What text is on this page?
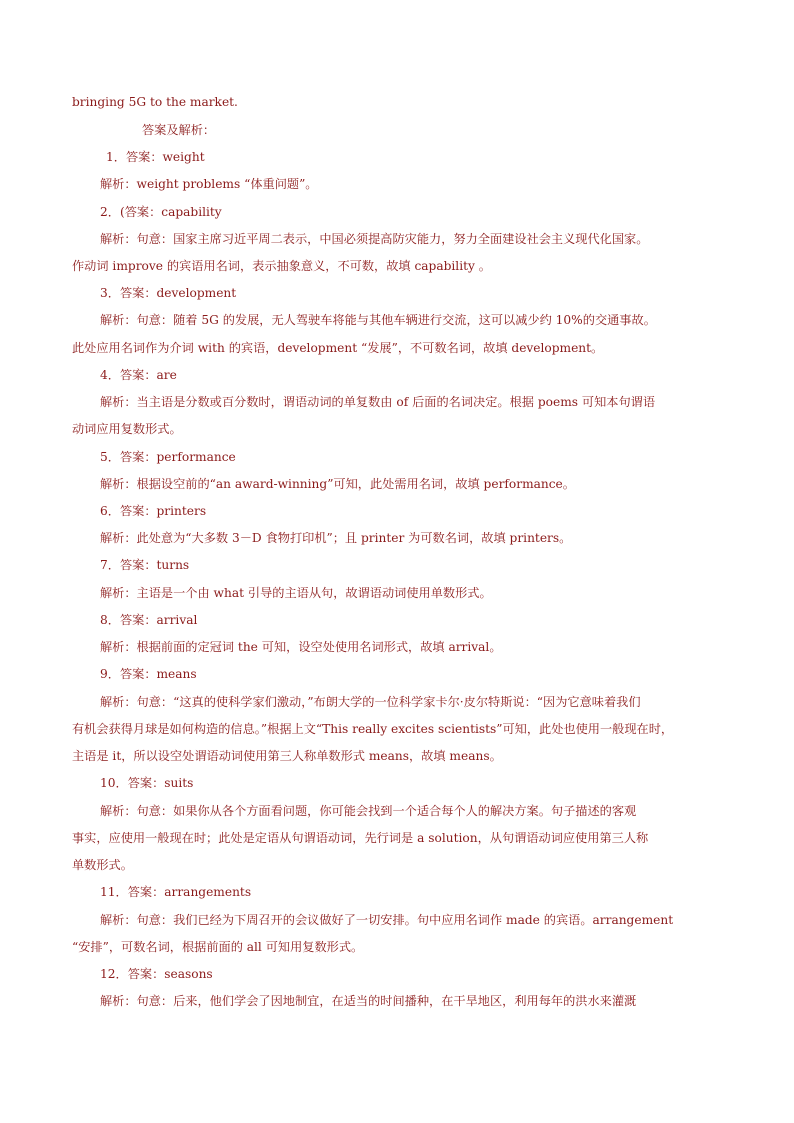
bringing 5G to the market.
答案及解析：
1．答案：weight
解析：weight problems “体重问题”。
2．(答案：capability
解析：句意：国家主席习近平周二表示，中国必须提高防灾能力，努力全面建设社会主义现代化国家。
作动词 improve 的宾语用名词，表示抽象意义，不可数，故填 capability 。
3．答案：development
解析：句意：随着 5G 的发展，无人驾驶车将能与其他车辆进行交流，这可以减少约 10%的交通事故。
此处应用名词作为介词 with 的宾语，development “发展”，不可数名词，故填 development。
4．答案：are
解析：当主语是分数或百分数时，谓语动词的单复数由 of 后面的名词决定。根据 poems 可知本句谓语
动词应用复数形式。
5．答案：performance
解析：根据设空前的“an award-winning”可知，此处需用名词，故填 performance。
6．答案：printers
解析：此处意为“大多数 3－D 食物打印机”；且 printer 为可数名词，故填 printers。
7．答案：turns
解析：主语是一个由 what 引导的主语从句，故谓语动词使用单数形式。
8．答案：arrival
解析：根据前面的定冠词 the 可知，设空处使用名词形式，故填 arrival。
9．答案：means
解析：句意：“这真的使科学家们激动，”布朗大学的一位科学家卡尔·皮尔特斯说：“因为它意味着我们
有机会获得月球是如何构造的信息。”根据上文“This really excites scientists”可知，此处也使用一般现在时，
主语是 it，所以设空处谓语动词使用第三人称单数形式 means，故填 means。
10．答案：suits
解析：句意：如果你从各个方面看问题，你可能会找到一个适合每个人的解决方案。句子描述的客观
事实，应使用一般现在时；此处是定语从句谓语动词，先行词是 a solution，从句谓语动词应使用第三人称
单数形式。
11．答案：arrangements
解析：句意：我们已经为下周召开的会议做好了一切安排。句中应用名词作 made 的宾语。arrangement
“安排”，可数名词，根据前面的 all 可知用复数形式。
12．答案：seasons
解析：句意：后来，他们学会了因地制宜，在适当的时间播种，在干旱地区，利用每年的洪水来灌溉
